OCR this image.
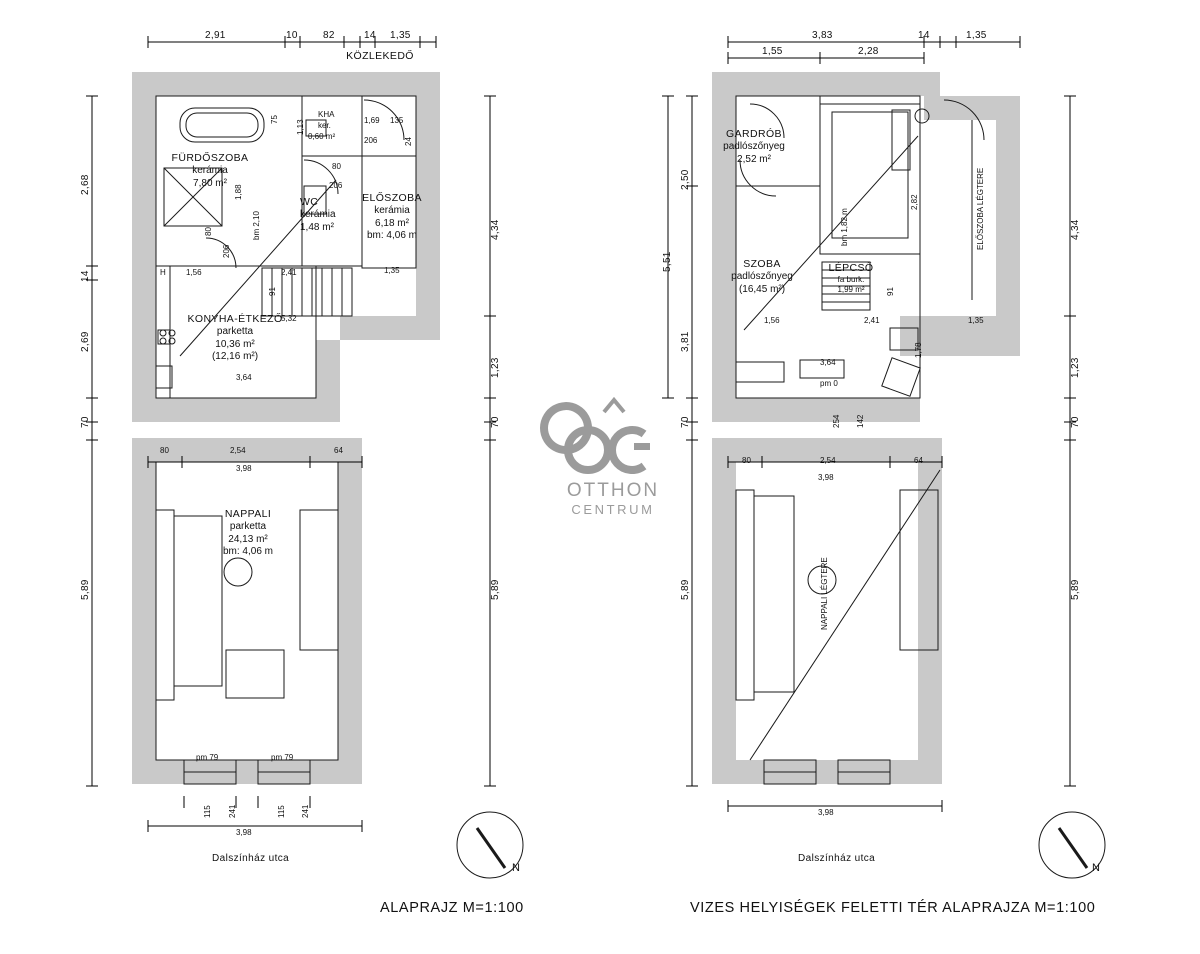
2,91	10	82	14 1,35
2,68
14
2,69
70
5,89
4,34
1,23
70
5,89
KÖZLEKEDŐ
FÜRDŐSZOBA
kerámia
7,80 m²
WC
kerámia
1,48 m²
ELŐSZOBA
kerámia
6,18 m²
bm: 4,06 m
KONYHA-ÉTKEZŐ
parketta
10,36 m²
(12,16 m²)
NAPPALI
parketta
24,13 m²
bm: 4,06 m
KHA
ker.
0,60 m²
1,69 135
206	24
75 1,13
80
206
80
206
1,88
bm 2,10
1,56	2,41	1,35
91
5,32
3,64
80	2,54	64
3,98
pm 79	pm 79
115 241	115 241
3,98
H
Dalszínház utca
ALAPRAJZ M=1:100
N
OTTHON
CENTRUM
3,83
1,55	2,28
14	1,35
2,50
5,51
3,81
70
5,89
4,34
1,23
70
5,89
GARDRÓB
padlószőnyeg
2,52 m²
SZOBA
padlószőnyeg
(16,45 m²)
LÉPCSŐ
fa burk.
1,99 m²
2,82
bm 1,82 m	ELŐSZOBA LÉGTERE
NAPPALI LÉGTERE
91
1,56	2,41	1,35
1,78
3,64
pm 0
254 142
80	2,54	64
3,98
3,98
Dalszínház utca
VIZES HELYISÉGEK FELETTI TÉR ALAPRAJZA M=1:100
N
